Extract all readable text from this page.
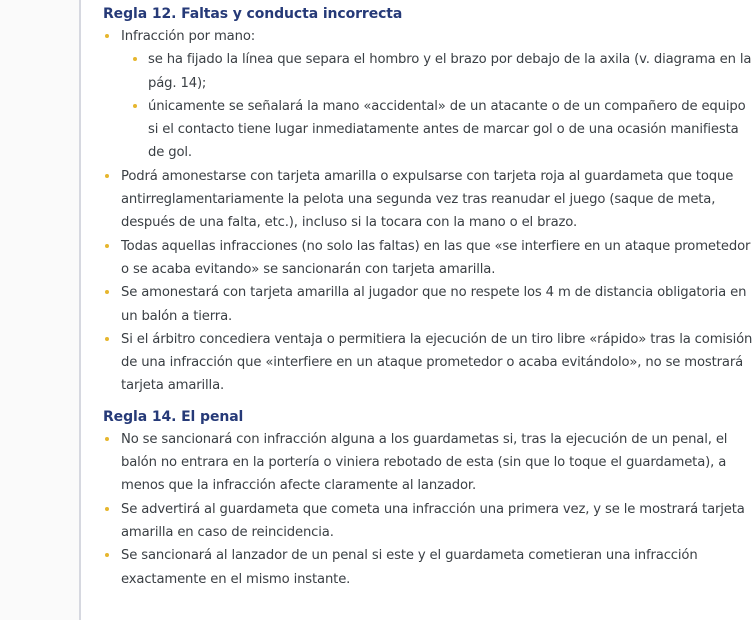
Regla 12. Faltas y conducta incorrecta
Infracción por mano:
se ha fijado la línea que separa el hombro y el brazo por debajo de la axila (v. diagrama en la pág. 14);
únicamente se señalará la mano «accidental» de un atacante o de un compañero de equipo si el contacto tiene lugar inmediatamente antes de marcar gol o de una ocasión manifiesta de gol.
Podrá amonestarse con tarjeta amarilla o expulsarse con tarjeta roja al guardameta que toque antirreglamentariamente la pelota una segunda vez tras reanudar el juego (saque de meta, después de una falta, etc.), incluso si la tocara con la mano o el brazo.
Todas aquellas infracciones (no solo las faltas) en las que «se interfiere en un ataque prometedor o se acaba evitando» se sancionarán con tarjeta amarilla.
Se amonestará con tarjeta amarilla al jugador que no respete los 4 m de distancia obligatoria en un balón a tierra.
Si el árbitro concediera ventaja o permitiera la ejecución de un tiro libre «rápido» tras la comisión de una infracción que «interfiere en un ataque prometedor o acaba evitándolo», no se mostrará tarjeta amarilla.
Regla 14. El penal
No se sancionará con infracción alguna a los guardametas si, tras la ejecución de un penal, el balón no entrara en la portería o viniera rebotado de esta (sin que lo toque el guardameta), a menos que la infracción afecte claramente al lanzador.
Se advertirá al guardameta que cometa una infracción una primera vez, y se le mostrará tarjeta amarilla en caso de reincidencia.
Se sancionará al lanzador de un penal si este y el guardameta cometieran una infracción exactamente en el mismo instante.
